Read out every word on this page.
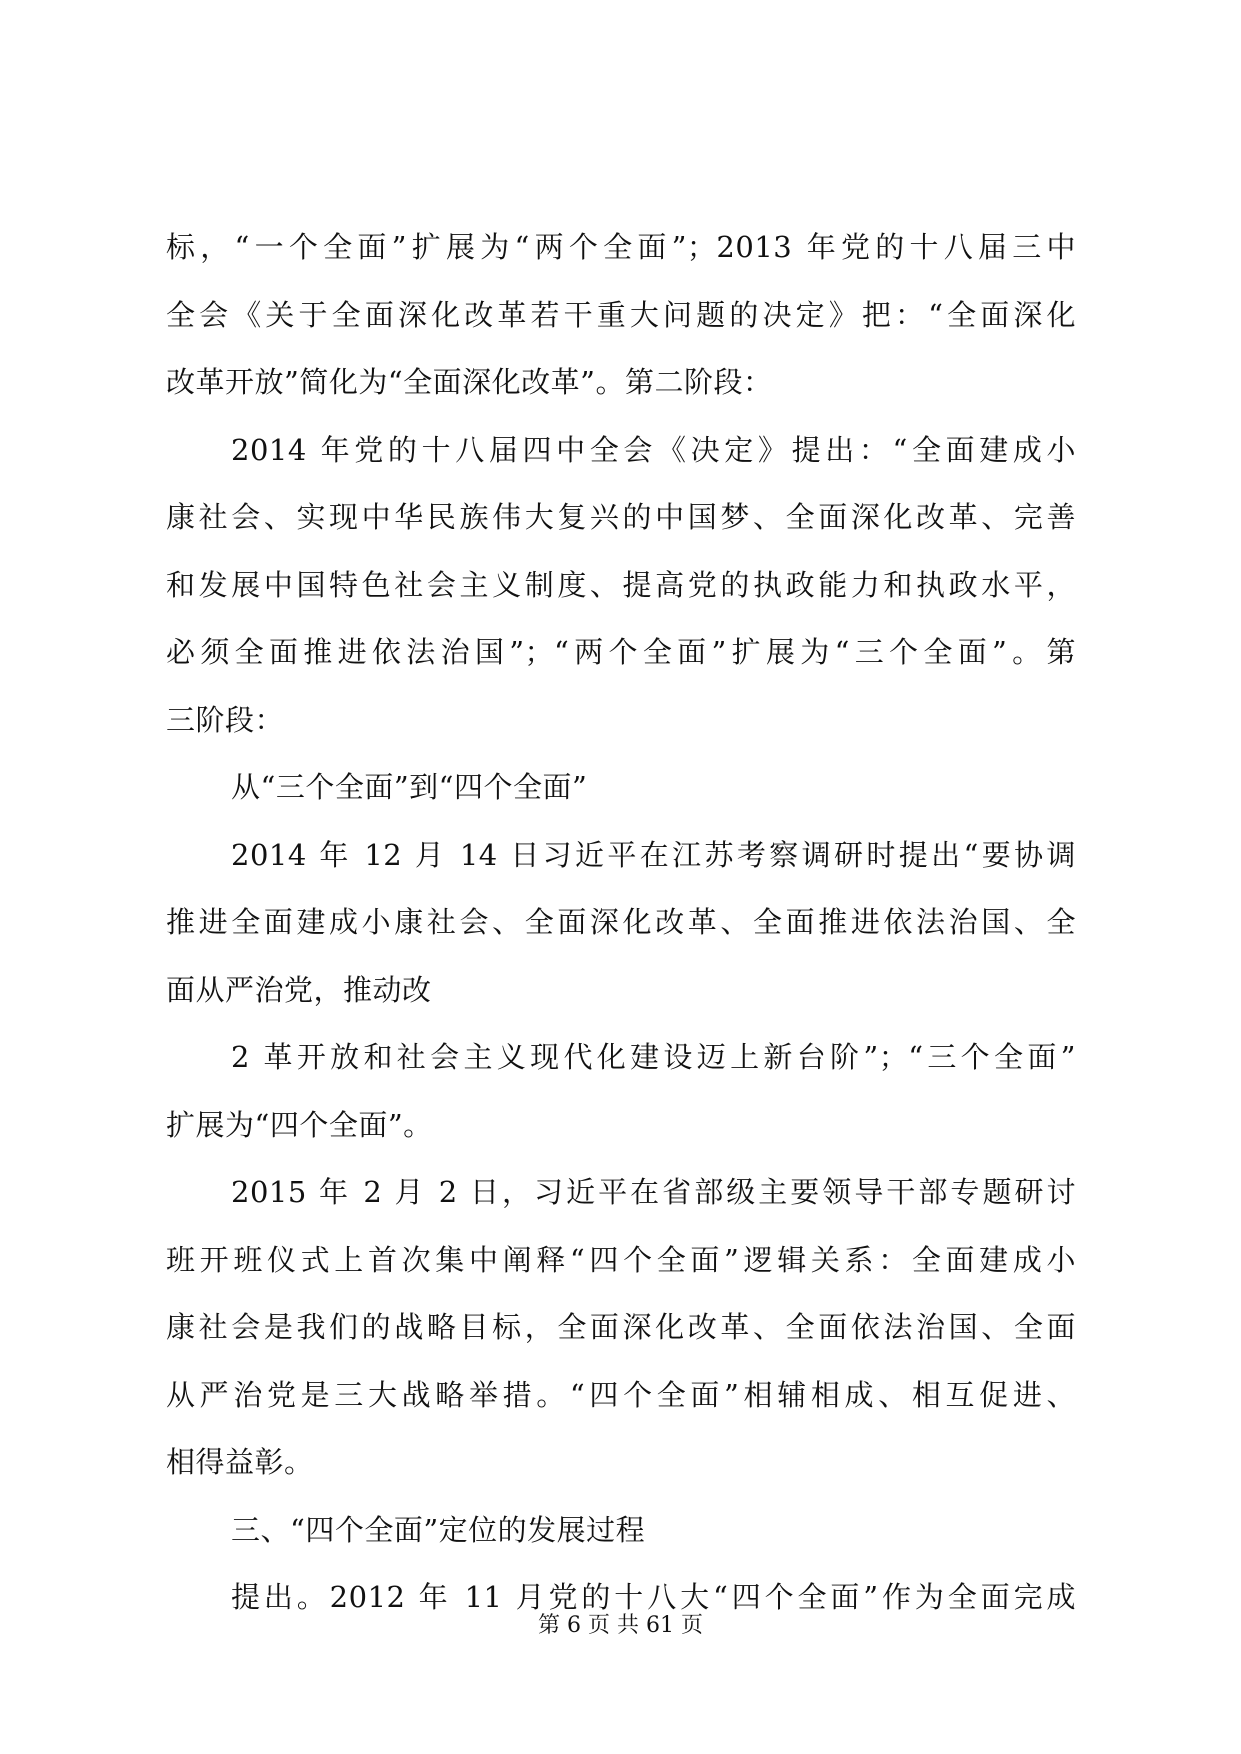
标，“一个全面”扩展为“两个全面”；2013 年党的十八届三中
全会《关于全面深化改革若干重大问题的决定》把：“全面深化
改革开放”简化为“全面深化改革”。第二阶段：
2014 年党的十八届四中全会《决定》提出：“全面建成小
康社会、实现中华民族伟大复兴的中国梦、全面深化改革、完善
和发展中国特色社会主义制度、提高党的执政能力和执政水平，
必须全面推进依法治国”；“两个全面”扩展为“三个全面”。第
三阶段：
从“三个全面”到“四个全面”
2014 年 12 月 14 日习近平在江苏考察调研时提出“要协调
推进全面建成小康社会、全面深化改革、全面推进依法治国、全
面从严治党，推动改
2 革开放和社会主义现代化建设迈上新台阶”；“三个全面”
扩展为“四个全面”。
2015 年 2 月 2 日，习近平在省部级主要领导干部专题研讨
班开班仪式上首次集中阐释“四个全面”逻辑关系：全面建成小
康社会是我们的战略目标，全面深化改革、全面依法治国、全面
从严治党是三大战略举措。“四个全面”相辅相成、相互促进、
相得益彰。
三、“四个全面”定位的发展过程
提出。2012 年 11 月党的十八大“四个全面”作为全面完成
第 6 页 共 61 页
